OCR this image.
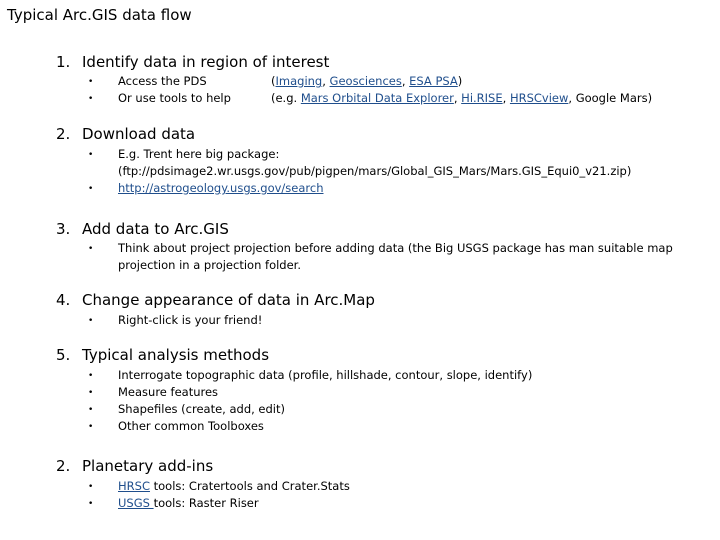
Typical Arc.GIS data flow
1. Identify data in region of interest
• Access the PDS
• Or use tools to help
(Imaging, Geosciences, ESA PSA)
(e.g. Mars Orbital Data Explorer, Hi.RISE, HRSCview, Google Mars)
2. Download data
• E.g. Trent here big package:
(ftp://pdsimage2.wr.usgs.gov/pub/pigpen/mars/Global_GIS_Mars/Mars.GIS_Equi0_v21.zip)
• http://astrogeology.usgs.gov/search
3. Add data to Arc.GIS
• Think about project projection before adding data (the Big USGS package has man suitable map
projection in a projection folder.
4. Change appearance of data in Arc.Map
• Right-click is your friend!
5. Typical analysis methods
• Interrogate topographic data (profile, hillshade, contour, slope, identify)
• Measure features
• Shapefiles (create, add, edit)
• Other common Toolboxes
2. Planetary add-ins
• HRSC tools: Cratertools and Crater.Stats
• USGS tools: Raster Riser
